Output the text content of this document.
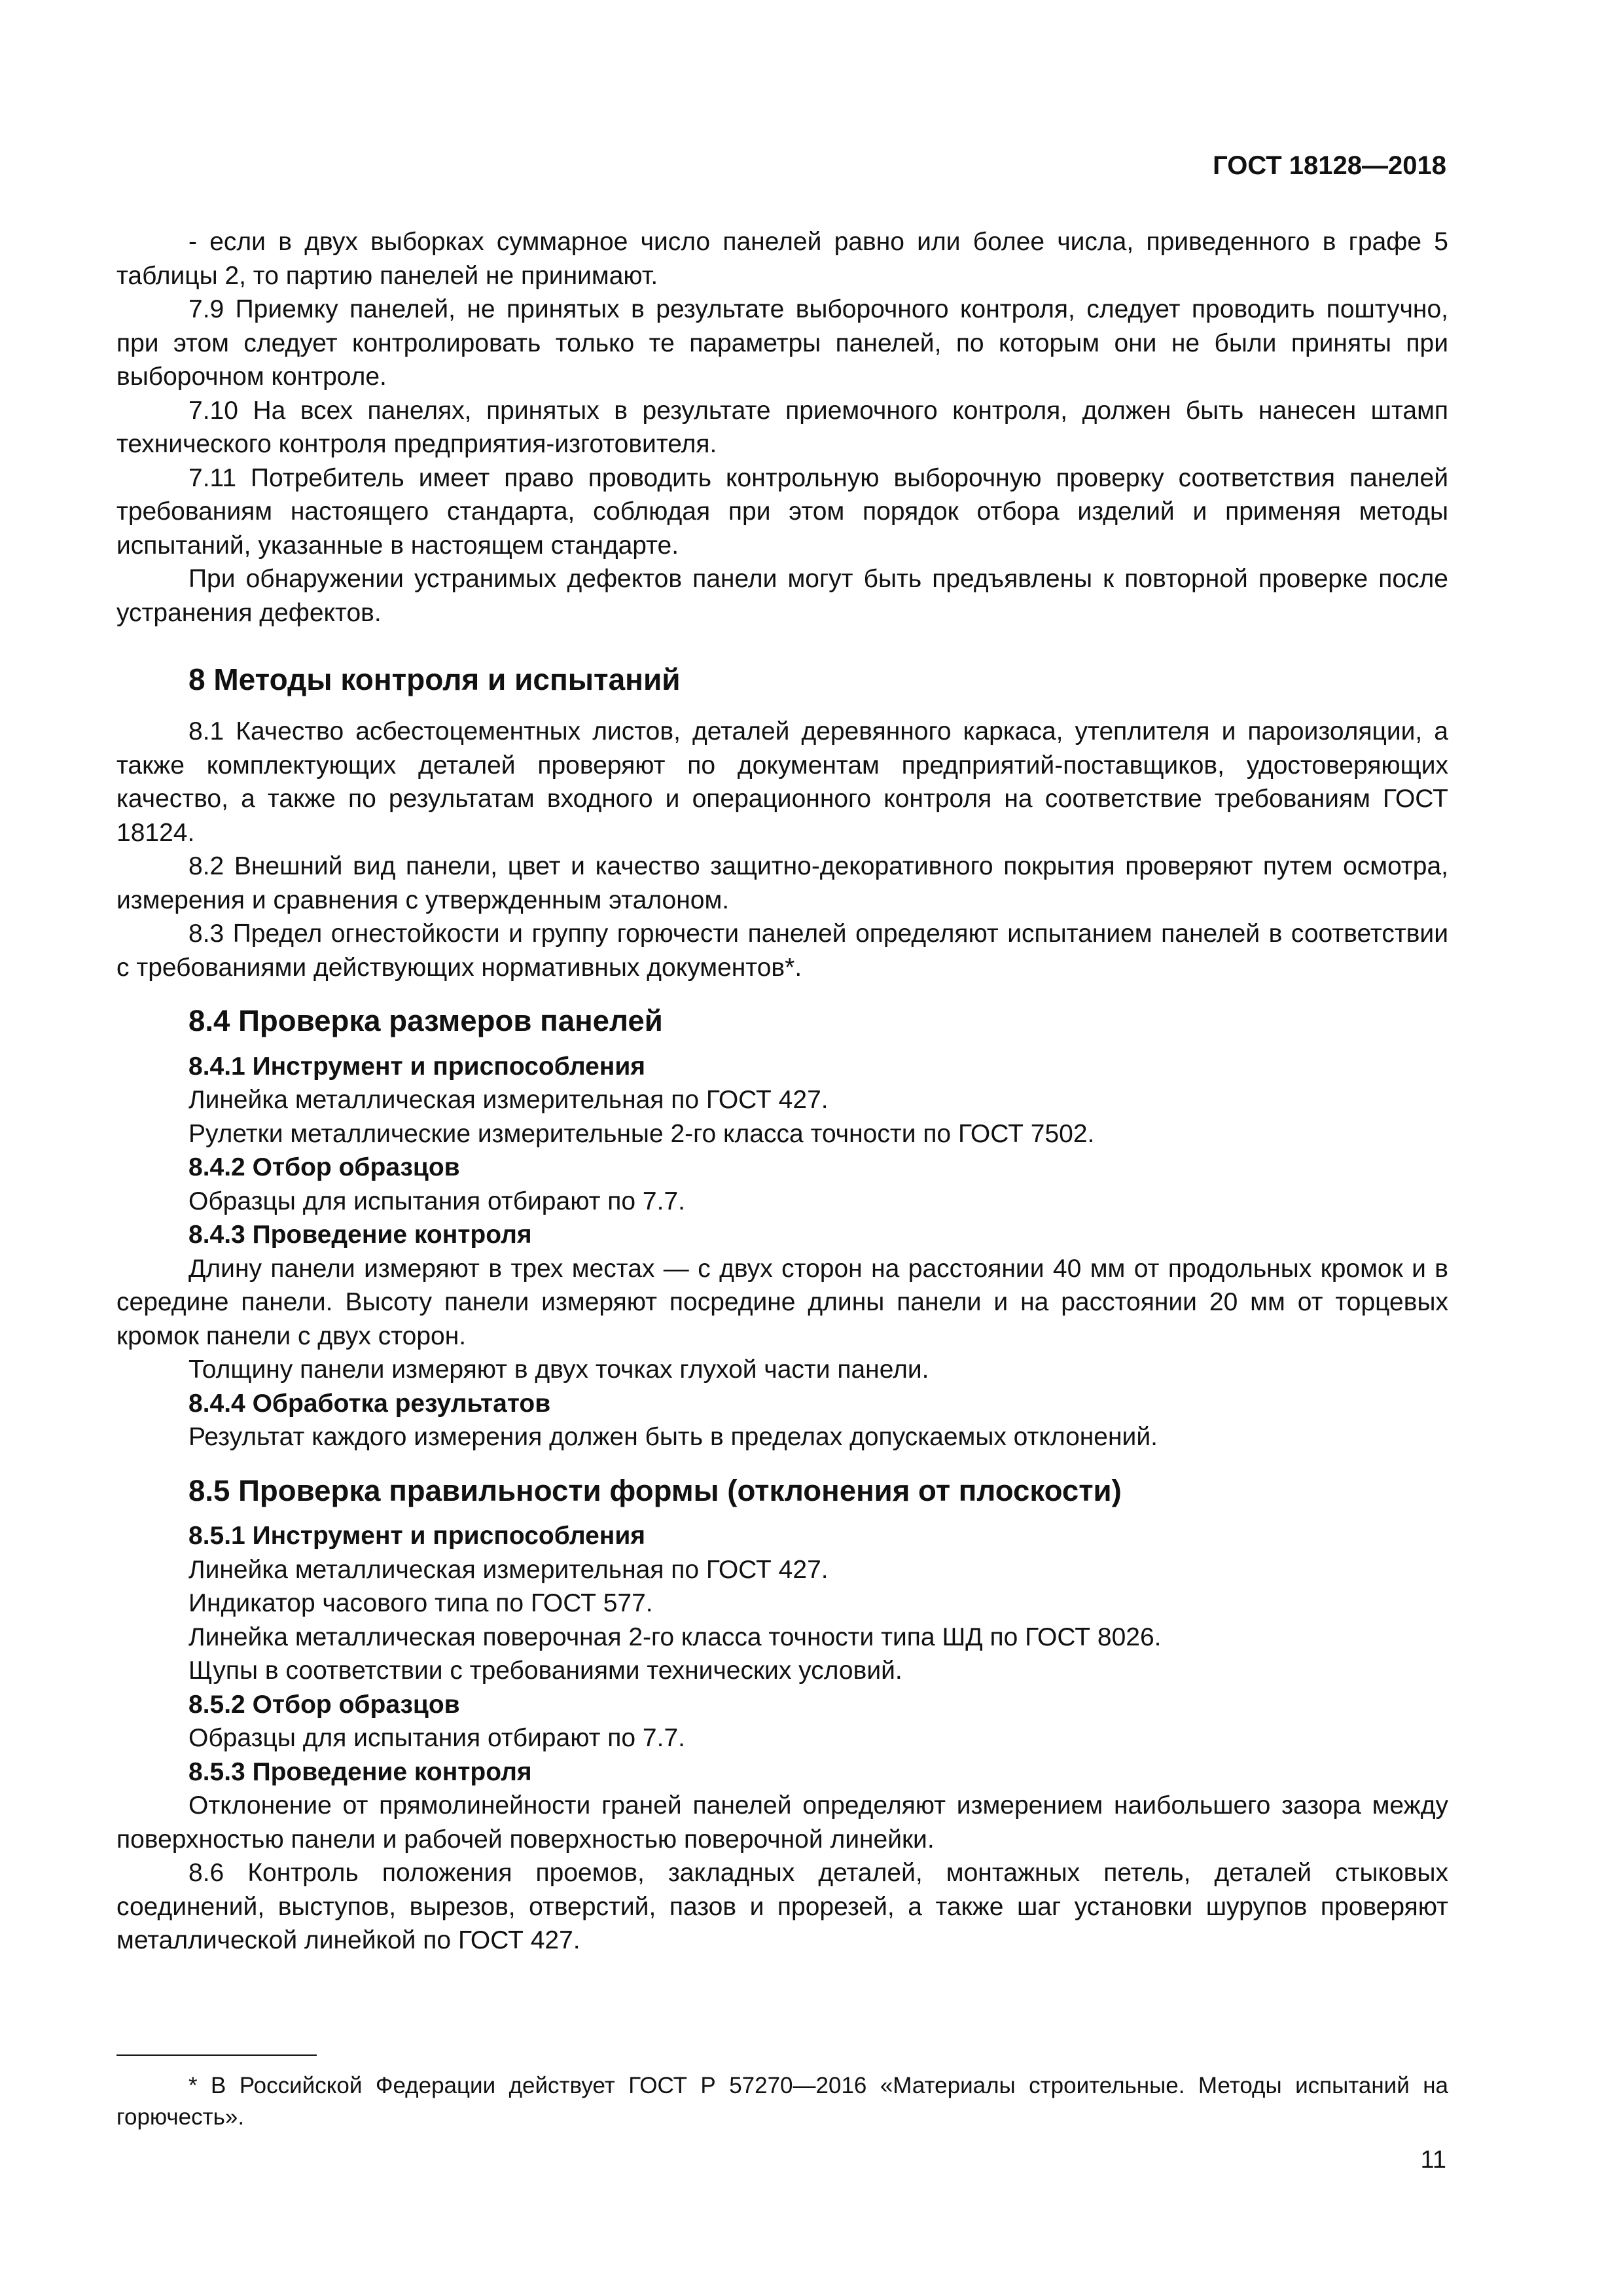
ГОСТ 18128—2018

- если в двух выборках суммарное число панелей равно или более числа, приведенного в графе 5 таблицы 2, то партию панелей не принимают.

7.9 Приемку панелей, не принятых в результате выборочного контроля, следует проводить поштучно, при этом следует контролировать только те параметры панелей, по которым они не были приняты при выборочном контроле.

7.10 На всех панелях, принятых в результате приемочного контроля, должен быть нанесен штамп технического контроля предприятия-изготовителя.

7.11 Потребитель имеет право проводить контрольную выборочную проверку соответствия панелей требованиям настоящего стандарта, соблюдая при этом порядок отбора изделий и применяя методы испытаний, указанные в настоящем стандарте.

При обнаружении устранимых дефектов панели могут быть предъявлены к повторной проверке после устранения дефектов.

8 Методы контроля и испытаний

8.1 Качество асбестоцементных листов, деталей деревянного каркаса, утеплителя и пароизоляции, а также комплектующих деталей проверяют по документам предприятий-поставщиков, удостоверяющих качество, а также по результатам входного и операционного контроля на соответствие требованиям ГОСТ 18124.

8.2 Внешний вид панели, цвет и качество защитно-декоративного покрытия проверяют путем осмотра, измерения и сравнения с утвержденным эталоном.

8.3 Предел огнестойкости и группу горючести панелей определяют испытанием панелей в соответствии с требованиями действующих нормативных документов*.

8.4 Проверка размеров панелей

8.4.1 Инструмент и приспособления

Линейка металлическая измерительная по ГОСТ 427.

Рулетки металлические измерительные 2-го класса точности по ГОСТ 7502.

8.4.2 Отбор образцов

Образцы для испытания отбирают по 7.7.

8.4.3 Проведение контроля

Длину панели измеряют в трех местах — с двух сторон на расстоянии 40 мм от продольных кромок и в середине панели. Высоту панели измеряют посредине длины панели и на расстоянии 20 мм от торцевых кромок панели с двух сторон.

Толщину панели измеряют в двух точках глухой части панели.

8.4.4 Обработка результатов

Результат каждого измерения должен быть в пределах допускаемых отклонений.

8.5 Проверка правильности формы (отклонения от плоскости)

8.5.1 Инструмент и приспособления

Линейка металлическая измерительная по ГОСТ 427.

Индикатор часового типа по ГОСТ 577.

Линейка металлическая поверочная 2-го класса точности типа ШД по ГОСТ 8026.

Щупы в соответствии с требованиями технических условий.

8.5.2 Отбор образцов

Образцы для испытания отбирают по 7.7.

8.5.3 Проведение контроля

Отклонение от прямолинейности граней панелей определяют измерением наибольшего зазора между поверхностью панели и рабочей поверхностью поверочной линейки.

8.6 Контроль положения проемов, закладных деталей, монтажных петель, деталей стыковых соединений, выступов, вырезов, отверстий, пазов и прорезей, а также шаг установки шурупов проверяют металлической линейкой по ГОСТ 427.

* В Российской Федерации действует ГОСТ Р 57270—2016 «Материалы строительные. Методы испытаний на горючесть».

11
